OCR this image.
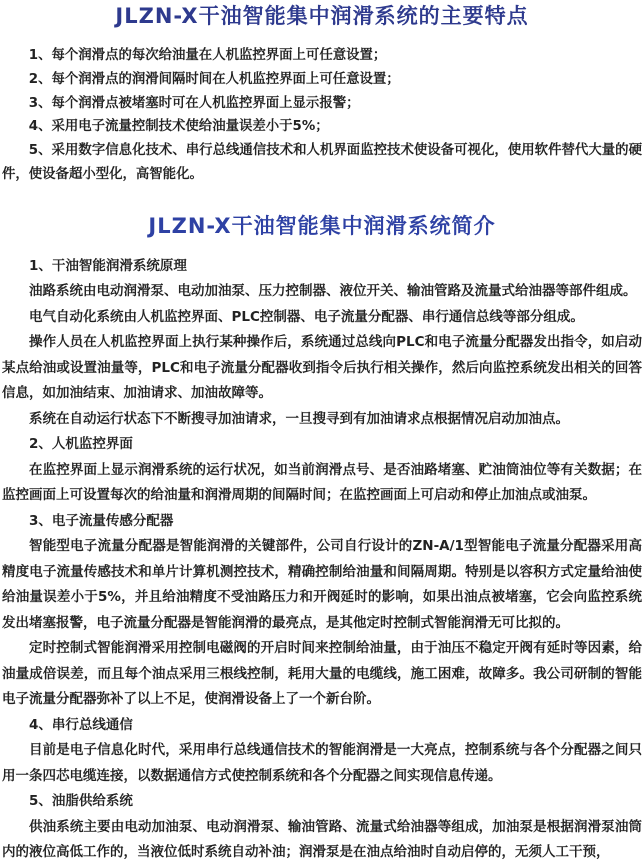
JLZN-X干油智能集中润滑系统的主要特点

1、每个润滑点的每次给油量在人机监控界面上可任意设置；

2、每个润滑点的润滑间隔时间在人机监控界面上可任意设置；

3、每个润滑点被堵塞时可在人机监控界面上显示报警；

4、采用电子流量控制技术使给油量误差小于5%；

5、采用数字信息化技术、串行总线通信技术和人机界面监控技术使设备可视化，使用软件替代大量的硬件，使设备超小型化，高智能化。

JLZN-X干油智能集中润滑系统简介

1、干油智能润滑系统原理

油路系统由电动润滑泵、电动加油泵、压力控制器、液位开关、输油管路及流量式给油器等部件组成。

电气自动化系统由人机监控界面、PLC控制器、电子流量分配器、串行通信总线等部分组成。

操作人员在人机监控界面上执行某种操作后，系统通过总线向PLC和电子流量分配器发出指令，如启动某点给油或设置油量等，PLC和电子流量分配器收到指令后执行相关操作，然后向监控系统发出相关的回答信息，如加油结束、加油请求、加油故障等。

系统在自动运行状态下不断搜寻加油请求，一旦搜寻到有加油请求点根据情况启动加油点。

2、人机监控界面

在监控界面上显示润滑系统的运行状况，如当前润滑点号、是否油路堵塞、贮油筒油位等有关数据；在监控画面上可设置每次的给油量和润滑周期的间隔时间；在监控画面上可启动和停止加油点或油泵。

3、电子流量传感分配器

智能型电子流量分配器是智能润滑的关键部件，公司自行设计的ZN-A/1型智能电子流量分配器采用高精度电子流量传感技术和单片计算机测控技术，精确控制给油量和间隔周期。特别是以容积方式定量给油使给油量误差小于5%，并且给油精度不受油路压力和开阀延时的影响，如果出油点被堵塞，它会向监控系统发出堵塞报警，电子流量分配器是智能润滑的最亮点，是其他定时控制式智能润滑无可比拟的。

定时控制式智能润滑采用控制电磁阀的开启时间来控制给油量，由于油压不稳定开阀有延时等因素，给油量成倍误差，而且每个油点采用三根线控制，耗用大量的电缆线，施工困难，故障多。我公司研制的智能电子流量分配器弥补了以上不足，使润滑设备上了一个新台阶。

4、串行总线通信

目前是电子信息化时代，采用串行总线通信技术的智能润滑是一大亮点，控制系统与各个分配器之间只用一条四芯电缆连接，以数据通信方式使控制系统和各个分配器之间实现信息传递。

5、油脂供给系统

供油系统主要由电动加油泵、电动润滑泵、输油管路、流量式给油器等组成，加油泵是根据润滑泵油筒内的液位高低工作的，当液位低时系统自动补油；润滑泵是在油点给油时自动启停的，无须人工干预，
